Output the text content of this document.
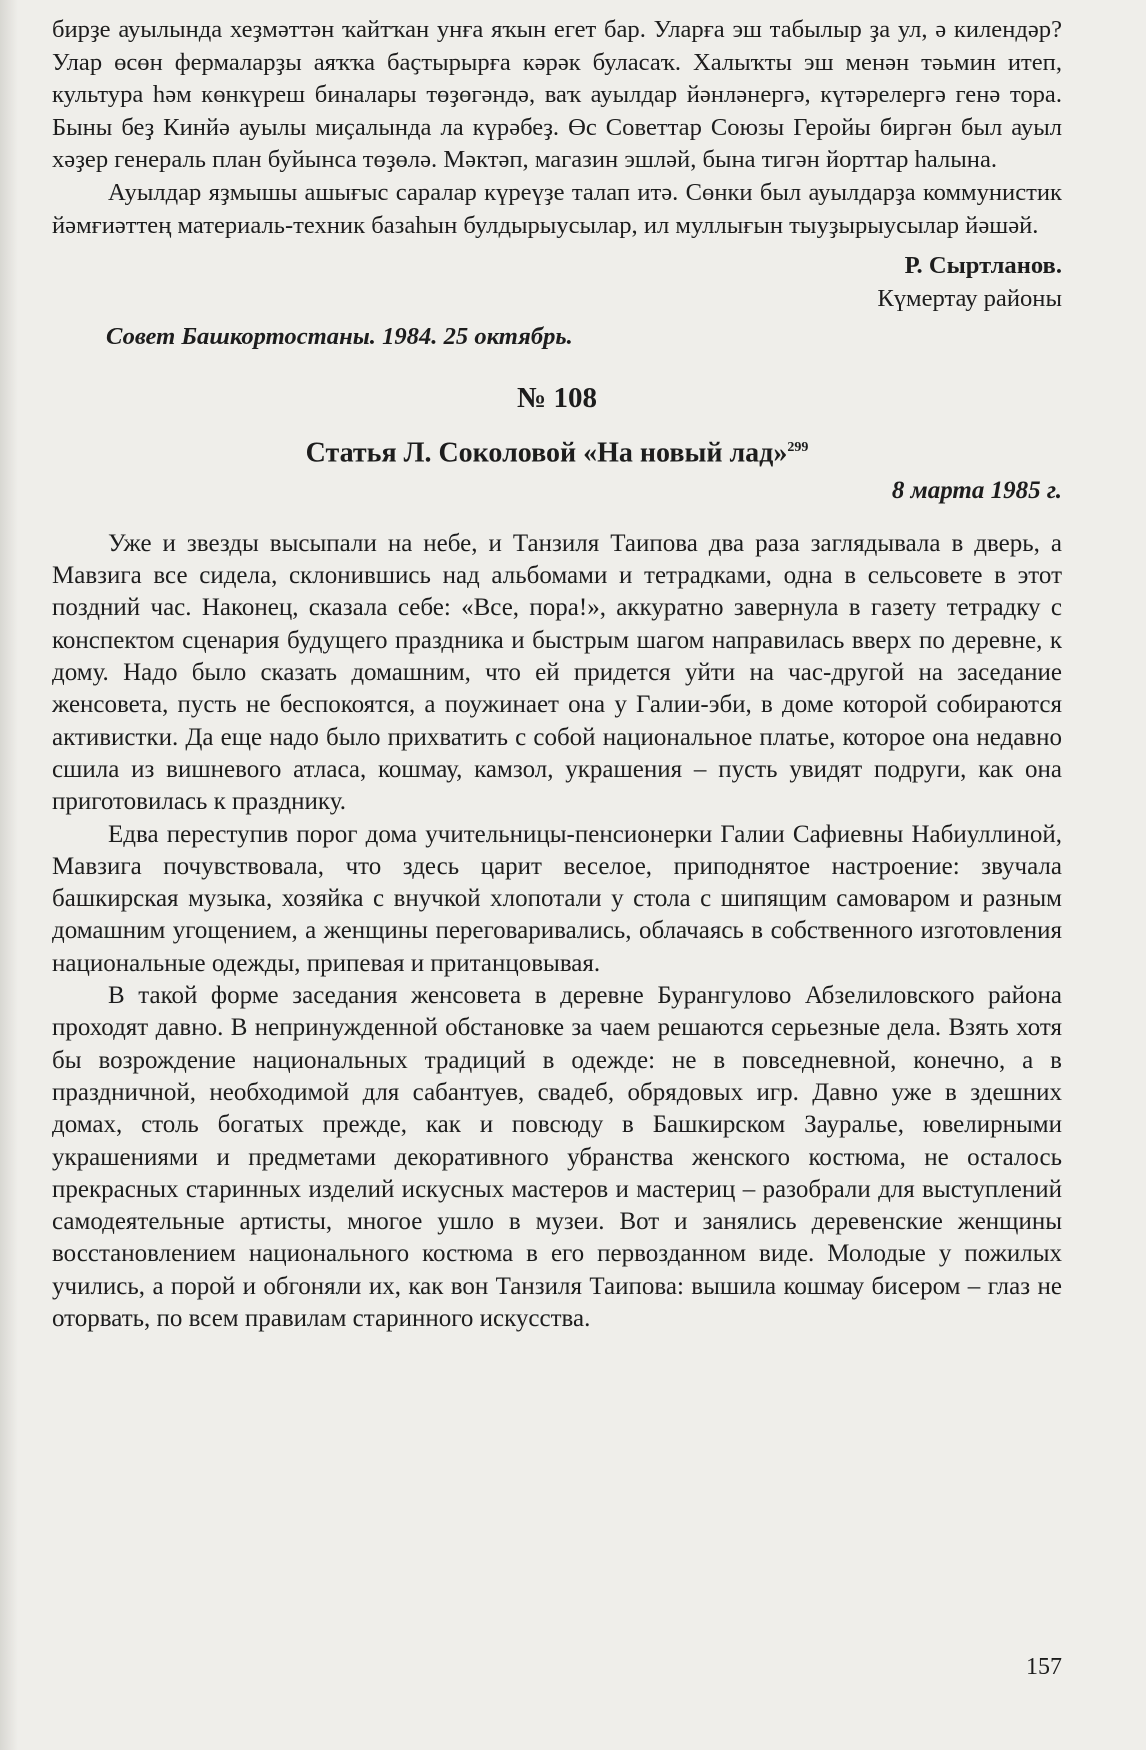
бирҙе ауылында хеҙмәттән ҡайтҡан унға яҡын егет бар. Уларға эш табылыр ҙа ул, ә килендәр? Улар өсөн фермаларҙы аяҡҡа баҫтырырға кәрәк буласаҡ. Халыҡты эш менән тәьмин итеп, культура һәм көнкүреш биналары төҙөгәндә, ваҡ ауылдар йәнләнергә, күтәрелергә генә тора. Быны беҙ Кинйә ауылы миҫалында ла күрәбеҙ. Өс Советтар Союзы Геройы биргән был ауыл хәҙер генераль план буйынса төҙөлә. Мәктәп, магазин эшләй, бына тигән йорттар һалына.

Ауылдар яҙмышы ашығыс саралар күреүҙе талап итә. Сөнки был ауылдарҙа коммунистик йәмғиәттең материаль-техник базаһын булдырыусылар, ил муллығын тыуҙырыусылар йәшәй.

Р. Сыртланов.

Күмертау районы

Совет Башкортостаны. 1984. 25 октябрь.

№ 108

Статья Л. Соколовой «На новый лад»$^{299}$

8 марта 1985 г.

Уже и звезды высыпали на небе, и Танзиля Таипова два раза заглядывала в дверь, а Мавзига все сидела, склонившись над альбомами и тетрадками, одна в сельсовете в этот поздний час. Наконец, сказала себе: «Все, пора!», аккуратно завернула в газету тетрадку с конспектом сценария будущего праздника и быстрым шагом направилась вверх по деревне, к дому. Надо было сказать домашним, что ей придется уйти на час-другой на заседание женсовета, пусть не беспокоятся, а поужинает она у Галии-эби, в доме которой собираются активистки. Да еще надо было прихватить с собой национальное платье, которое она недавно сшила из вишневого атласа, кошмау, камзол, украшения – пусть увидят подруги, как она приготовилась к празднику.

Едва переступив порог дома учительницы-пенсионерки Галии Сафиевны Набиуллиной, Мавзига почувствовала, что здесь царит веселое, приподнятое настроение: звучала башкирская музыка, хозяйка с внучкой хлопотали у стола с шипящим самоваром и разным домашним угощением, а женщины переговаривались, облачаясь в собственного изготовления национальные одежды, припевая и пританцовывая.

В такой форме заседания женсовета в деревне Бурангулово Абзелиловского района проходят давно. В непринужденной обстановке за чаем решаются серьезные дела. Взять хотя бы возрождение национальных традиций в одежде: не в повседневной, конечно, а в праздничной, необходимой для сабантуев, свадеб, обрядовых игр. Давно уже в здешних домах, столь богатых прежде, как и повсюду в Башкирском Зауралье, ювелирными украшениями и предметами декоративного убранства женского костюма, не осталось прекрасных старинных изделий искусных мастеров и мастериц – разобрали для выступлений самодеятельные артисты, многое ушло в музеи. Вот и занялись деревенские женщины восстановлением национального костюма в его первозданном виде. Молодые у пожилых учились, а порой и обгоняли их, как вон Танзиля Таипова: вышила кошмау бисером – глаз не оторвать, по всем правилам старинного искусства.

157
